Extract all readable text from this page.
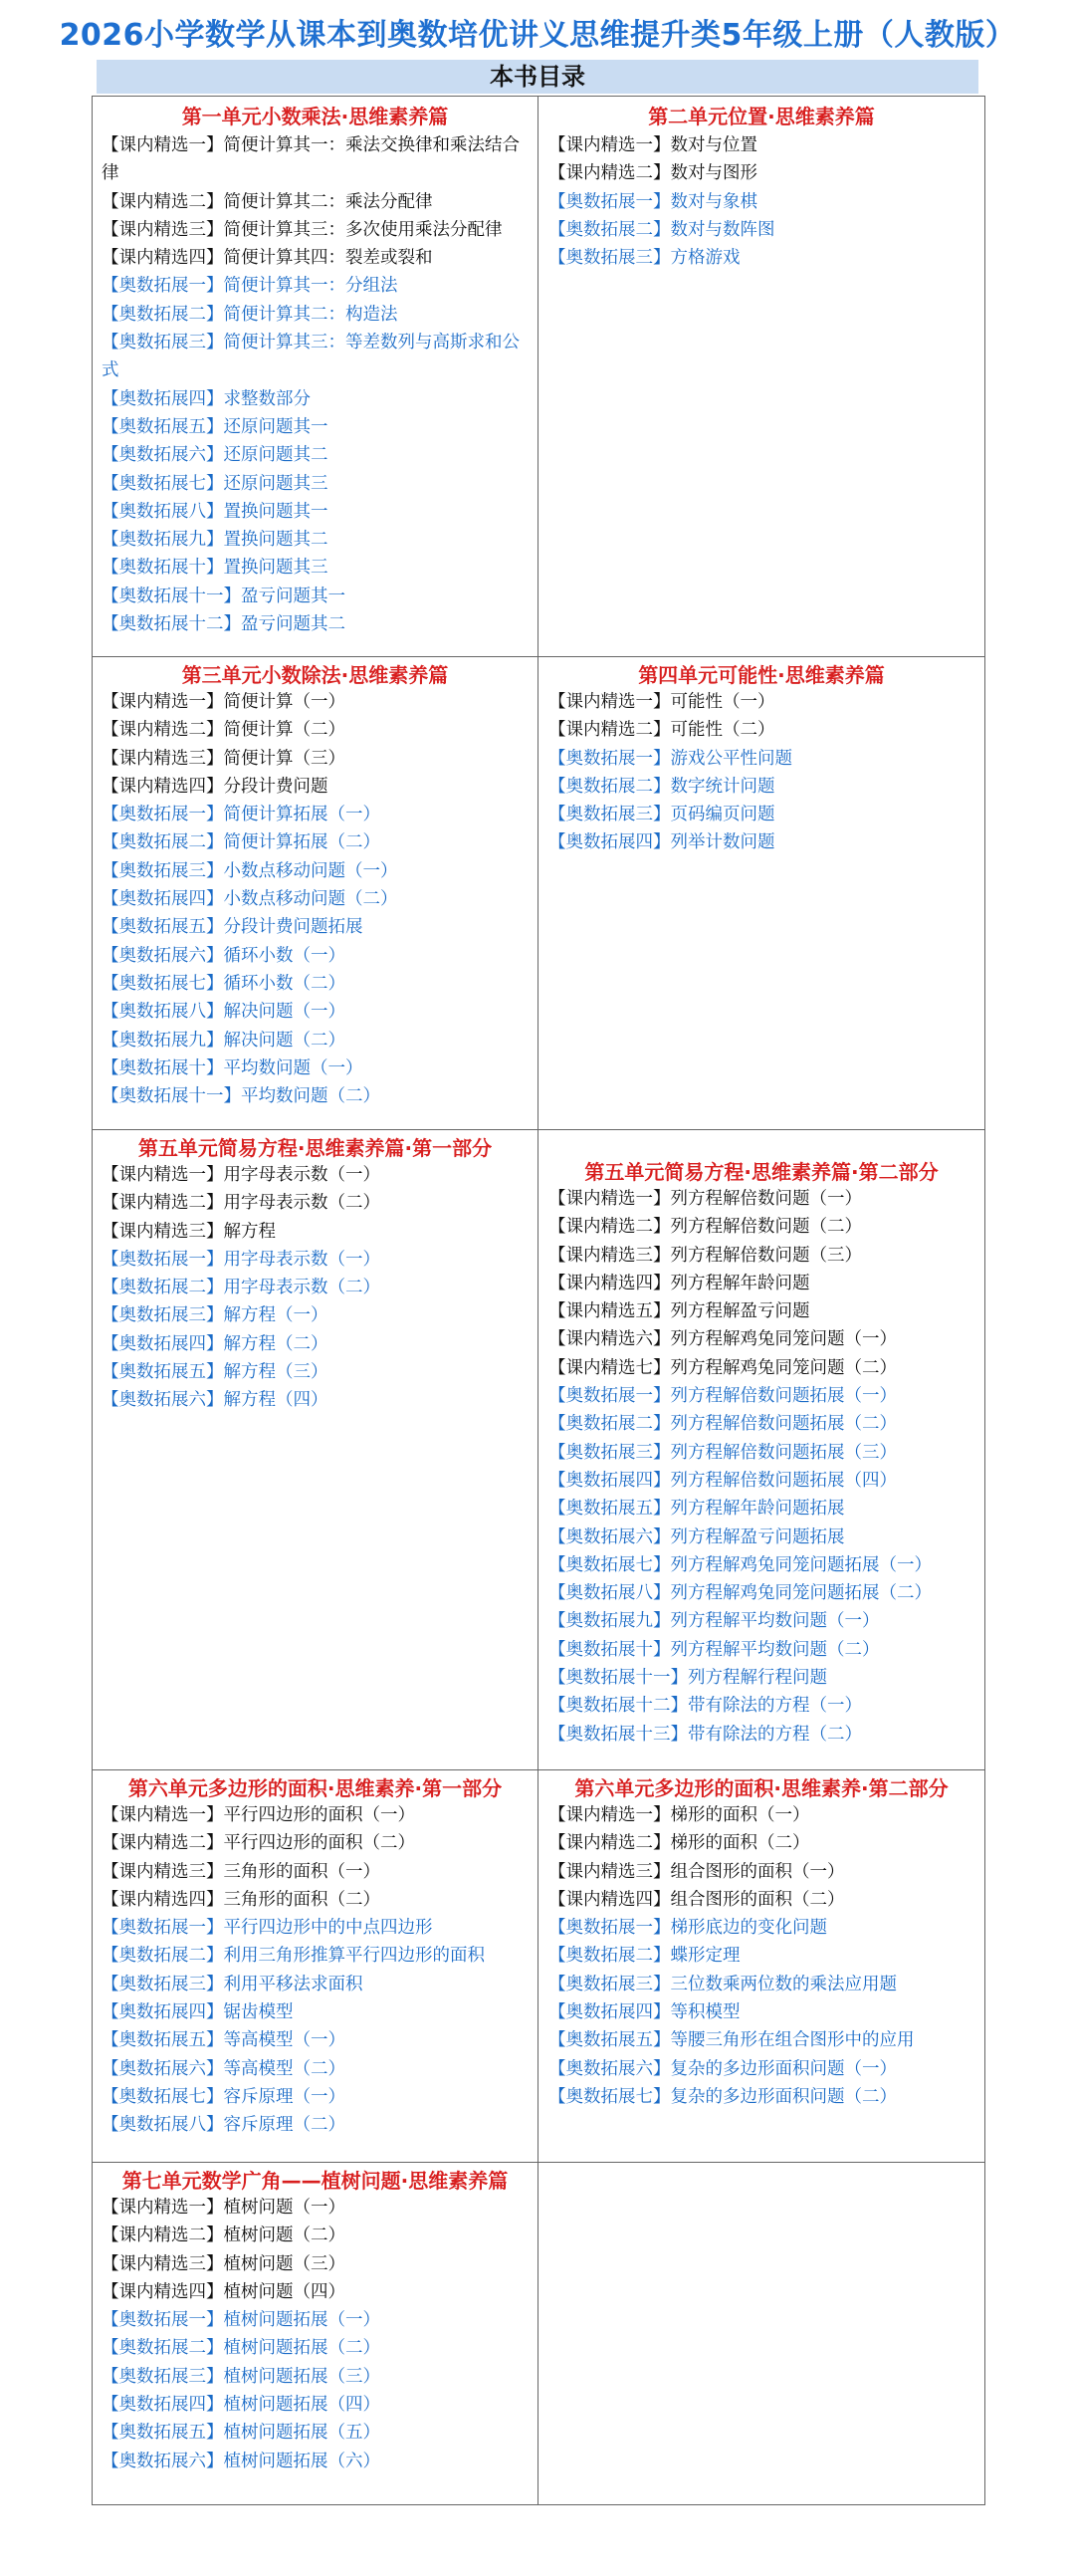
2026小学数学从课本到奥数培优讲义思维提升类5年级上册（人教版）
本书目录
第一单元小数乘法·思维素养篇
【课内精选一】简便计算其一：乘法交换律和乘法结合律
【课内精选二】简便计算其二：乘法分配律
【课内精选三】简便计算其三：多次使用乘法分配律
【课内精选四】简便计算其四：裂差或裂和
【奥数拓展一】简便计算其一：分组法
【奥数拓展二】简便计算其二：构造法
【奥数拓展三】简便计算其三：等差数列与高斯求和公式
【奥数拓展四】求整数部分
【奥数拓展五】还原问题其一
【奥数拓展六】还原问题其二
【奥数拓展七】还原问题其三
【奥数拓展八】置换问题其一
【奥数拓展九】置换问题其二
【奥数拓展十】置换问题其三
【奥数拓展十一】盈亏问题其一
【奥数拓展十二】盈亏问题其二
第二单元位置·思维素养篇
【课内精选一】数对与位置
【课内精选二】数对与图形
【奥数拓展一】数对与象棋
【奥数拓展二】数对与数阵图
【奥数拓展三】方格游戏
第三单元小数除法·思维素养篇
【课内精选一】简便计算（一）
【课内精选二】简便计算（二）
【课内精选三】简便计算（三）
【课内精选四】分段计费问题
【奥数拓展一】简便计算拓展（一）
【奥数拓展二】简便计算拓展（二）
【奥数拓展三】小数点移动问题（一）
【奥数拓展四】小数点移动问题（二）
【奥数拓展五】分段计费问题拓展
【奥数拓展六】循环小数（一）
【奥数拓展七】循环小数（二）
【奥数拓展八】解决问题（一）
【奥数拓展九】解决问题（二）
【奥数拓展十】平均数问题（一）
【奥数拓展十一】平均数问题（二）
第四单元可能性·思维素养篇
【课内精选一】可能性（一）
【课内精选二】可能性（二）
【奥数拓展一】游戏公平性问题
【奥数拓展二】数字统计问题
【奥数拓展三】页码编页问题
【奥数拓展四】列举计数问题
第五单元简易方程·思维素养篇·第一部分
【课内精选一】用字母表示数（一）
【课内精选二】用字母表示数（二）
【课内精选三】解方程
【奥数拓展一】用字母表示数（一）
【奥数拓展二】用字母表示数（二）
【奥数拓展三】解方程（一）
【奥数拓展四】解方程（二）
【奥数拓展五】解方程（三）
【奥数拓展六】解方程（四）
第五单元简易方程·思维素养篇·第二部分
【课内精选一】列方程解倍数问题（一）
【课内精选二】列方程解倍数问题（二）
【课内精选三】列方程解倍数问题（三）
【课内精选四】列方程解年龄问题
【课内精选五】列方程解盈亏问题
【课内精选六】列方程解鸡兔同笼问题（一）
【课内精选七】列方程解鸡兔同笼问题（二）
【奥数拓展一】列方程解倍数问题拓展（一）
【奥数拓展二】列方程解倍数问题拓展（二）
【奥数拓展三】列方程解倍数问题拓展（三）
【奥数拓展四】列方程解倍数问题拓展（四）
【奥数拓展五】列方程解年龄问题拓展
【奥数拓展六】列方程解盈亏问题拓展
【奥数拓展七】列方程解鸡兔同笼问题拓展（一）
【奥数拓展八】列方程解鸡兔同笼问题拓展（二）
【奥数拓展九】列方程解平均数问题（一）
【奥数拓展十】列方程解平均数问题（二）
【奥数拓展十一】列方程解行程问题
【奥数拓展十二】带有除法的方程（一）
【奥数拓展十三】带有除法的方程（二）
第六单元多边形的面积·思维素养·第一部分
【课内精选一】平行四边形的面积（一）
【课内精选二】平行四边形的面积（二）
【课内精选三】三角形的面积（一）
【课内精选四】三角形的面积（二）
【奥数拓展一】平行四边形中的中点四边形
【奥数拓展二】利用三角形推算平行四边形的面积
【奥数拓展三】利用平移法求面积
【奥数拓展四】锯齿模型
【奥数拓展五】等高模型（一）
【奥数拓展六】等高模型（二）
【奥数拓展七】容斥原理（一）
【奥数拓展八】容斥原理（二）
第六单元多边形的面积·思维素养·第二部分
【课内精选一】梯形的面积（一）
【课内精选二】梯形的面积（二）
【课内精选三】组合图形的面积（一）
【课内精选四】组合图形的面积（二）
【奥数拓展一】梯形底边的变化问题
【奥数拓展二】蝶形定理
【奥数拓展三】三位数乘两位数的乘法应用题
【奥数拓展四】等积模型
【奥数拓展五】等腰三角形在组合图形中的应用
【奥数拓展六】复杂的多边形面积问题（一）
【奥数拓展七】复杂的多边形面积问题（二）
第七单元数学广角——植树问题·思维素养篇
【课内精选一】植树问题（一）
【课内精选二】植树问题（二）
【课内精选三】植树问题（三）
【课内精选四】植树问题（四）
【奥数拓展一】植树问题拓展（一）
【奥数拓展二】植树问题拓展（二）
【奥数拓展三】植树问题拓展（三）
【奥数拓展四】植树问题拓展（四）
【奥数拓展五】植树问题拓展（五）
【奥数拓展六】植树问题拓展（六）
